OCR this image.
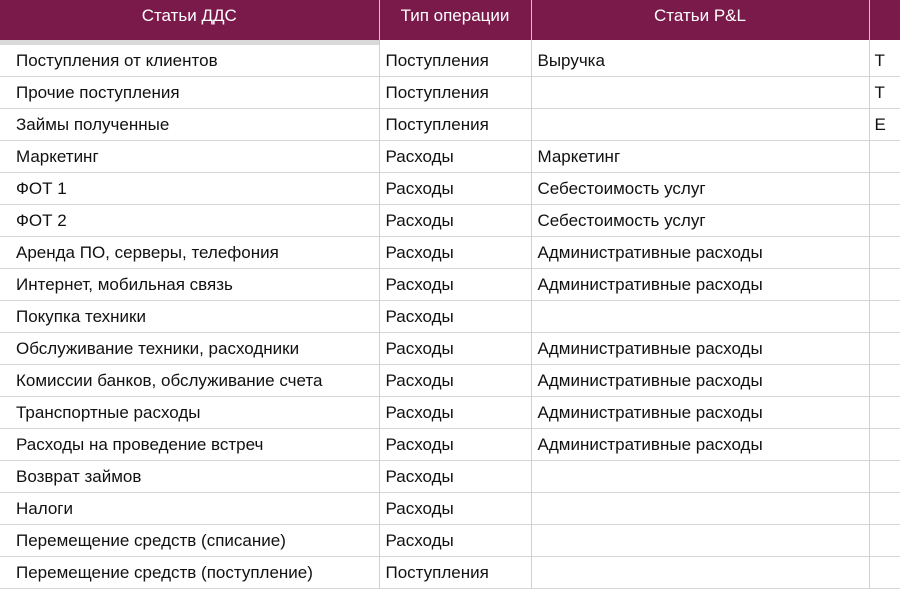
Статьи ДДС	Тип операции	Статьи P&L	

Поступления от клиентов	Поступления	Выручка	Т
Прочие поступления	Поступления		Т
Займы полученные	Поступления		Е
Маркетинг	Расходы	Маркетинг	
ФОТ 1	Расходы	Себестоимость услуг	
ФОТ 2	Расходы	Себестоимость услуг	
Аренда ПО, серверы, телефония	Расходы	Административные расходы	
Интернет, мобильная связь	Расходы	Административные расходы	
Покупка техники	Расходы		
Обслуживание техники, расходники	Расходы	Административные расходы	
Комиссии банков, обслуживание счета	Расходы	Административные расходы	
Транспортные расходы	Расходы	Административные расходы	
Расходы на проведение встреч	Расходы	Административные расходы	
Возврат займов	Расходы		
Налоги	Расходы		
Перемещение средств (списание)	Расходы		
Перемещение средств (поступление)	Поступления		
